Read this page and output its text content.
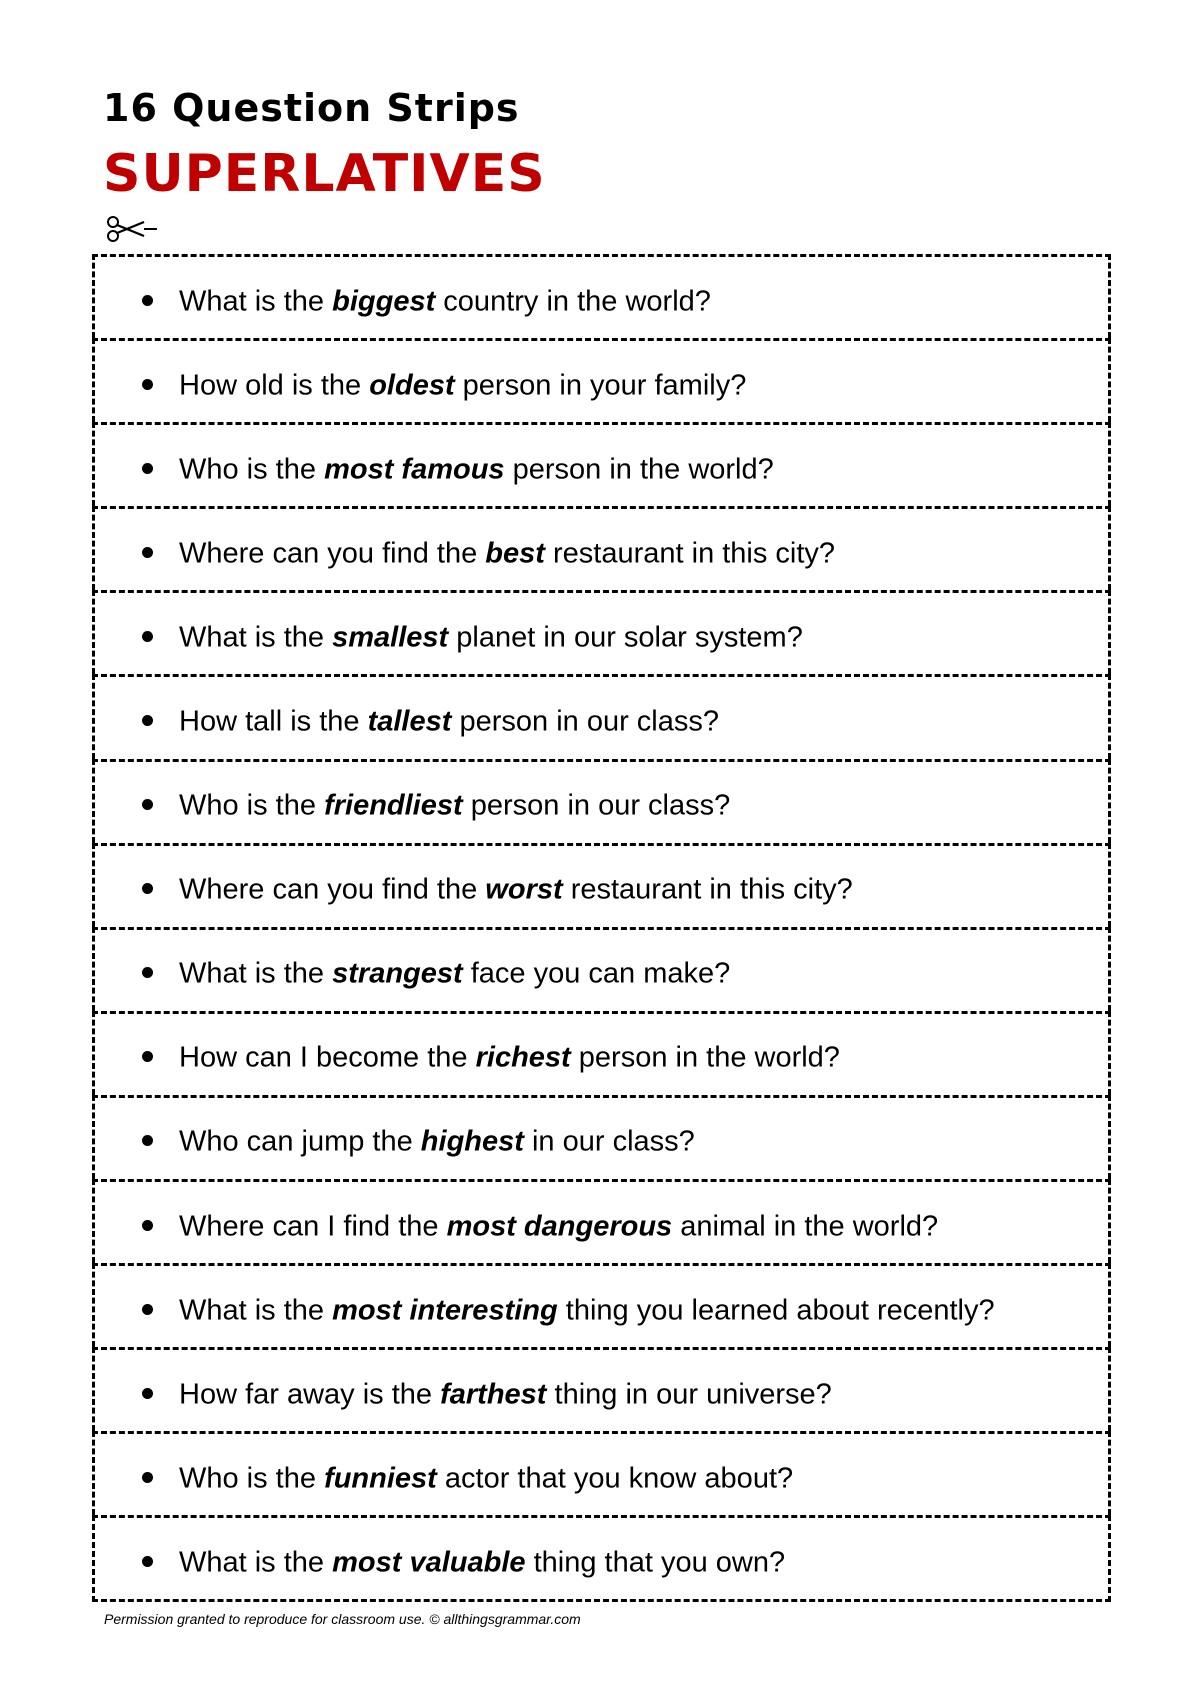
16 Question Strips
SUPERLATIVES
What is the biggest country in the world?
How old is the oldest person in your family?
Who is the most famous person in the world?
Where can you find the best restaurant in this city?
What is the smallest planet in our solar system?
How tall is the tallest person in our class?
Who is the friendliest person in our class?
Where can you find the worst restaurant in this city?
What is the strangest face you can make?
How can I become the richest person in the world?
Who can jump the highest in our class?
Where can I find the most dangerous animal in the world?
What is the most interesting thing you learned about recently?
How far away is the farthest thing in our universe?
Who is the funniest actor that you know about?
What is the most valuable thing that you own?
Permission granted to reproduce for classroom use. © allthingsgrammar.com
